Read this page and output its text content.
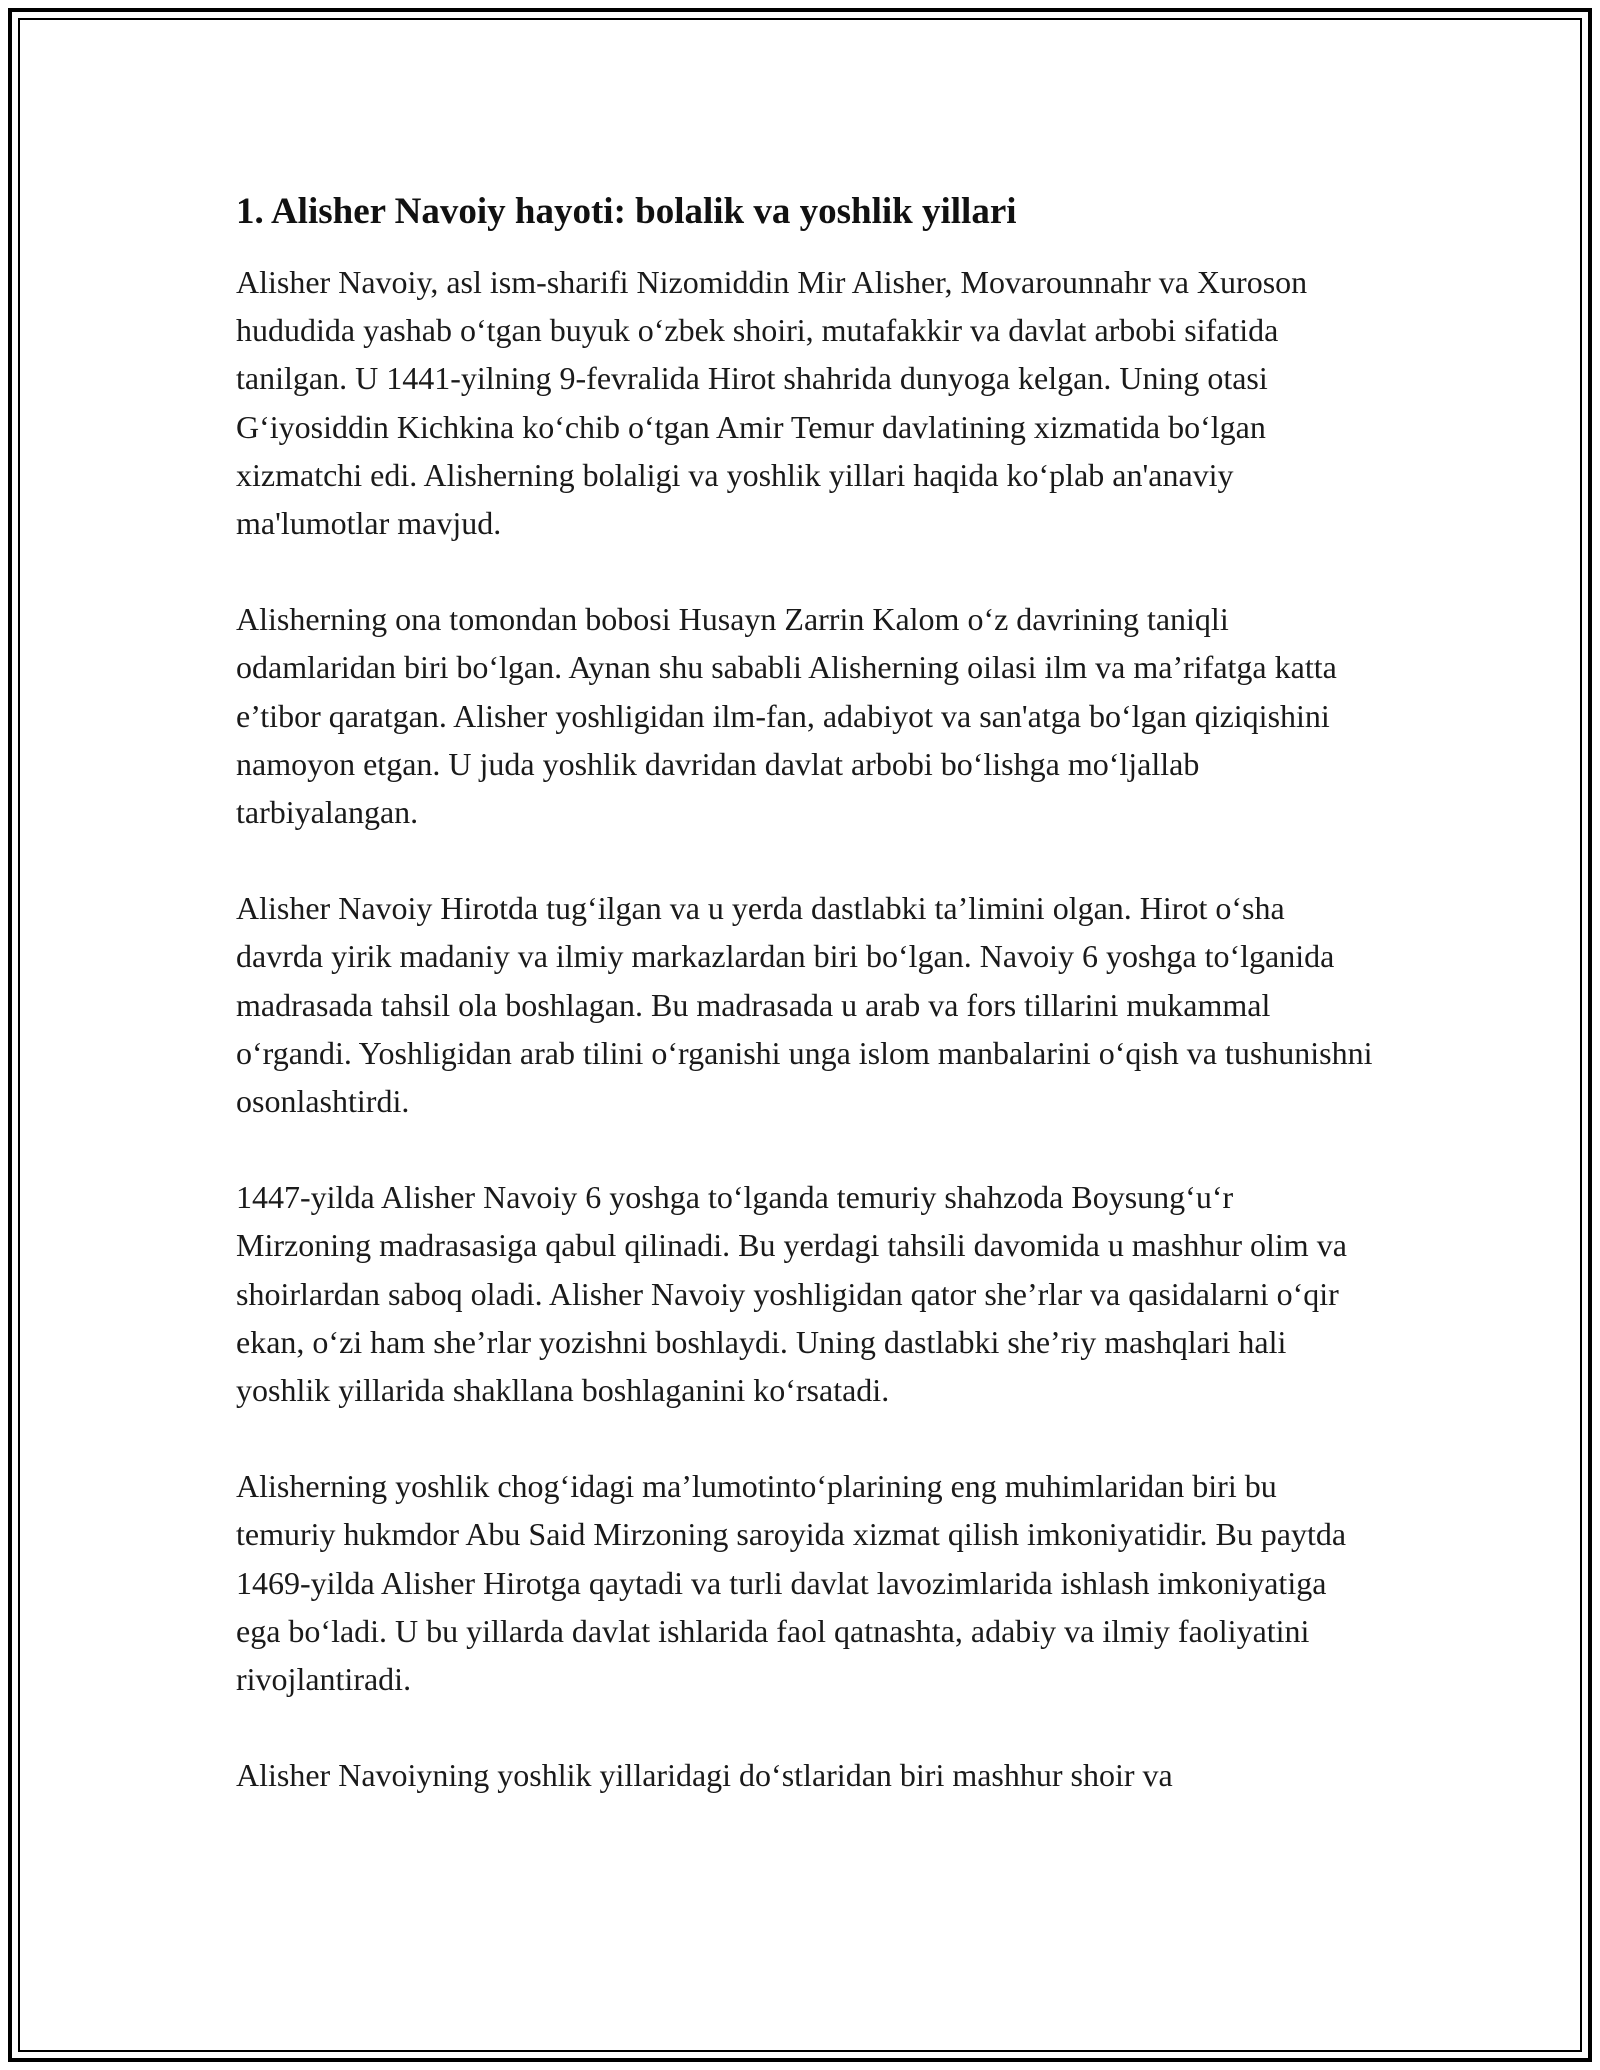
1. Alisher Navoiy hayoti: bolalik va yoshlik yillari

Alisher Navoiy, asl ism-sharifi Nizomiddin Mir Alisher, Movarounnahr va Xuroson hududida yashab o‘tgan buyuk o‘zbek shoiri, mutafakkir va davlat arbobi sifatida tanilgan. U 1441-yilning 9-fevralida Hirot shahrida dunyoga kelgan. Uning otasi G‘iyosiddin Kichkina ko‘chib o‘tgan Amir Temur davlatining xizmatida bo‘lgan xizmatchi edi. Alisherning bolaligi va yoshlik yillari haqida ko‘plab an'anaviy ma'lumotlar mavjud.

Alisherning ona tomondan bobosi Husayn Zarrin Kalom o‘z davrining taniqli odamlaridan biri bo‘lgan. Aynan shu sababli Alisherning oilasi ilm va ma’rifatga katta e’tibor qaratgan. Alisher yoshligidan ilm-fan, adabiyot va san'atga bo‘lgan qiziqishini namoyon etgan. U juda yoshlik davridan davlat arbobi bo‘lishga mo‘ljallab tarbiyalangan.

Alisher Navoiy Hirotda tug‘ilgan va u yerda dastlabki ta’limini olgan. Hirot o‘sha davrda yirik madaniy va ilmiy markazlardan biri bo‘lgan. Navoiy 6 yoshga to‘lganida madrasada tahsil ola boshlagan. Bu madrasada u arab va fors tillarini mukammal o‘rgandi. Yoshligidan arab tilini o‘rganishi unga islom manbalarini o‘qish va tushunishni osonlashtirdi.

1447-yilda Alisher Navoiy 6 yoshga to‘lganda temuriy shahzoda Boysung‘u‘r Mirzoning madrasasiga qabul qilinadi. Bu yerdagi tahsili davomida u mashhur olim va shoirlardan saboq oladi. Alisher Navoiy yoshligidan qator she’rlar va qasidalarni o‘qir ekan, o‘zi ham she’rlar yozishni boshlaydi. Uning dastlabki she’riy mashqlari hali yoshlik yillarida shakllana boshlaganini ko‘rsatadi.

Alisherning yoshlik chog‘idagi ma’lumotinto‘plarining eng muhimlaridan biri bu temuriy hukmdor Abu Said Mirzoning saroyida xizmat qilish imkoniyatidir. Bu paytda 1469-yilda Alisher Hirotga qaytadi va turli davlat lavozimlarida ishlash imkoniyatiga ega bo‘ladi. U bu yillarda davlat ishlarida faol qatnashta, adabiy va ilmiy faoliyatini rivojlantiradi.

Alisher Navoiyning yoshlik yillaridagi do‘stlaridan biri mashhur shoir va
